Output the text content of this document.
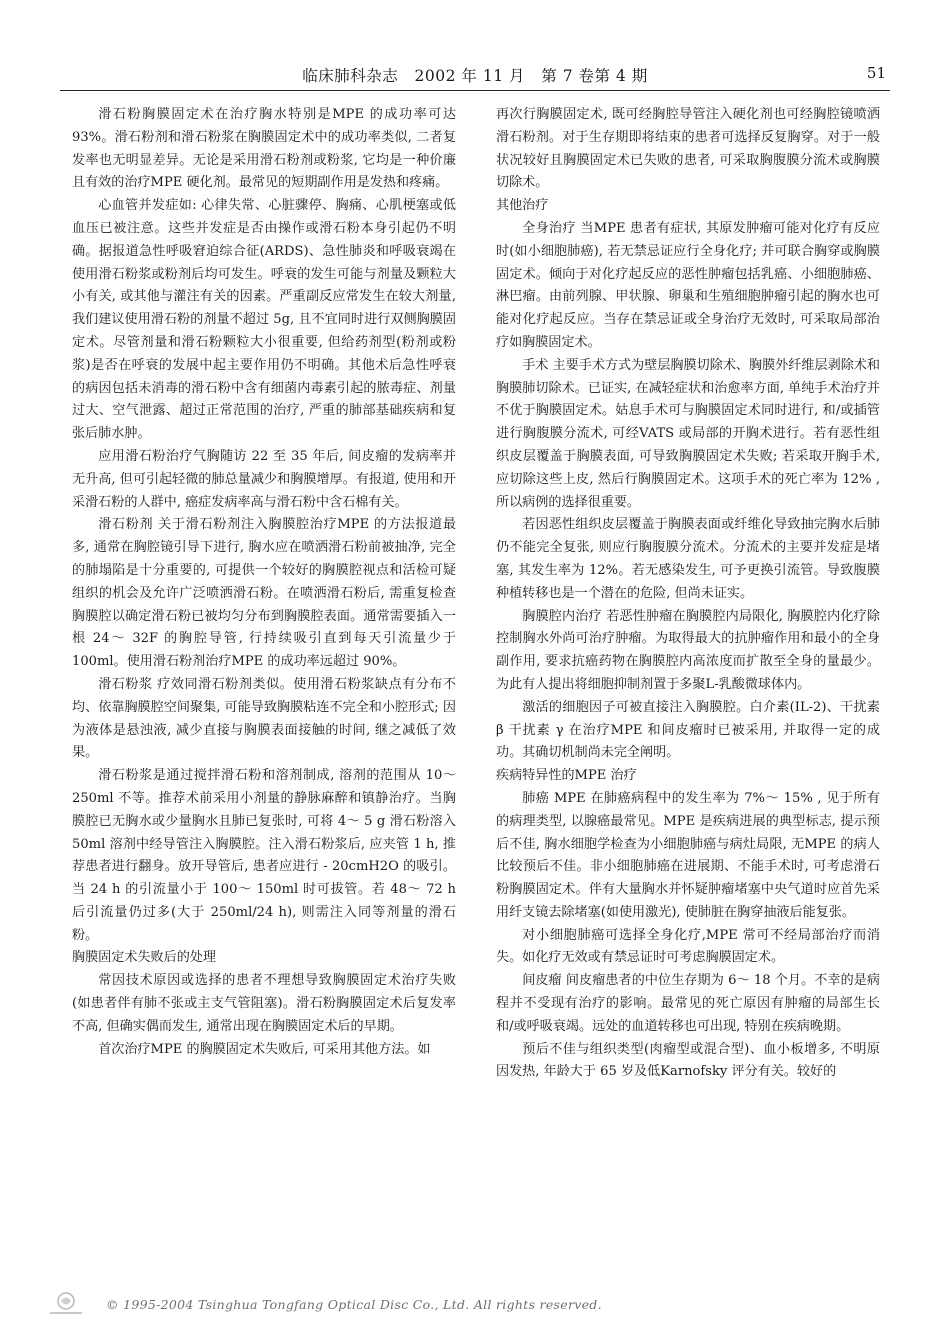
临床肺科杂志   2002 年 11 月   第 7 卷第 4 期	51

滑石粉胸膜固定术在治疗胸水特别是MPE 的成功率可达93%。滑石粉剂和滑石粉浆在胸膜固定术中的成功率类似, 二者复发率也无明显差异。无论是采用滑石粉剂或粉浆, 它均是一种价廉且有效的治疗MPE 硬化剂。最常见的短期副作用是发热和疼痛。

心血管并发症如: 心律失常、心脏骤停、胸痛、心肌梗塞或低血压已被注意。这些并发症是否由操作或滑石粉本身引起仍不明确。据报道急性呼吸窘迫综合征(ARDS)、急性肺炎和呼吸衰竭在使用滑石粉浆或粉剂后均可发生。呼衰的发生可能与剂量及颗粒大小有关, 或其他与灌注有关的因素。严重副反应常发生在较大剂量, 我们建议使用滑石粉的剂量不超过 5g, 且不宜同时进行双侧胸膜固定术。尽管剂量和滑石粉颗粒大小很重要, 但给药剂型(粉剂或粉浆)是否在呼衰的发展中起主要作用仍不明确。其他术后急性呼衰的病因包括未消毒的滑石粉中含有细菌内毒素引起的脓毒症、剂量过大、空气泄露、超过正常范围的治疗, 严重的肺部基础疾病和复张后肺水肿。

应用滑石粉治疗气胸随访 22 至 35 年后, 间皮瘤的发病率并无升高, 但可引起轻微的肺总量减少和胸膜增厚。有报道, 使用和开采滑石粉的人群中, 癌症发病率高与滑石粉中含石棉有关。

滑石粉剂 关于滑石粉剂注入胸膜腔治疗MPE 的方法报道最多, 通常在胸腔镜引导下进行, 胸水应在喷洒滑石粉前被抽净, 完全的肺塌陷是十分重要的, 可提供一个较好的胸膜腔视点和活检可疑组织的机会及允许广泛喷洒滑石粉。在喷洒滑石粉后, 需重复检查胸膜腔以确定滑石粉已被均匀分布到胸膜腔表面。通常需要插入一根 24～ 32F 的胸腔导管, 行持续吸引直到每天引流量少于 100ml。使用滑石粉剂治疗MPE 的成功率远超过 90%。

滑石粉浆 疗效同滑石粉剂类似。使用滑石粉浆缺点有分布不均、依靠胸膜腔空间聚集, 可能导致胸膜粘连不完全和小腔形式; 因为液体是悬浊液, 减少直接与胸膜表面接触的时间, 继之减低了效果。

滑石粉浆是通过搅拌滑石粉和溶剂制成, 溶剂的范围从 10～ 250ml 不等。推荐术前采用小剂量的静脉麻醉和镇静治疗。当胸膜腔已无胸水或少量胸水且肺已复张时, 可将 4～ 5 g 滑石粉溶入 50ml 溶剂中经导管注入胸膜腔。注入滑石粉浆后, 应夹管 1 h, 推荐患者进行翻身。放开导管后, 患者应进行 - 20cmH2O 的吸引。当 24 h 的引流量小于 100～ 150ml 时可拔管。若 48～ 72 h 后引流量仍过多(大于 250ml/24 h), 则需注入同等剂量的滑石粉。

胸膜固定术失败后的处理

常因技术原因或选择的患者不理想导致胸膜固定术治疗失败(如患者伴有肺不张或主支气管阻塞)。滑石粉胸膜固定术后复发率不高, 但确实偶而发生, 通常出现在胸膜固定术后的早期。

首次治疗MPE 的胸膜固定术失败后, 可采用其他方法。如

再次行胸膜固定术, 既可经胸腔导管注入硬化剂也可经胸腔镜喷洒滑石粉剂。对于生存期即将结束的患者可选择反复胸穿。对于一般状况较好且胸膜固定术已失败的患者, 可采取胸腹膜分流术或胸膜切除术。

其他治疗

全身治疗 当MPE 患者有症状, 其原发肿瘤可能对化疗有反应时(如小细胞肺癌), 若无禁忌证应行全身化疗; 并可联合胸穿或胸膜固定术。倾向于对化疗起反应的恶性肿瘤包括乳癌、小细胞肺癌、淋巴瘤。由前列腺、甲状腺、卵巢和生殖细胞肿瘤引起的胸水也可能对化疗起反应。当存在禁忌证或全身治疗无效时, 可采取局部治疗如胸膜固定术。

手术 主要手术方式为壁层胸膜切除术、胸膜外纤维层剥除术和胸膜肺切除术。已证实, 在减轻症状和治愈率方面, 单纯手术治疗并不优于胸膜固定术。姑息手术可与胸膜固定术同时进行, 和/或插管进行胸腹膜分流术, 可经VATS 或局部的开胸术进行。若有恶性组织皮层覆盖于胸膜表面, 可导致胸膜固定术失败; 若采取开胸手术, 应切除这些上皮, 然后行胸膜固定术。这项手术的死亡率为 12% , 所以病例的选择很重要。

若因恶性组织皮层覆盖于胸膜表面或纤维化导致抽完胸水后肺仍不能完全复张, 则应行胸腹膜分流术。分流术的主要并发症是堵塞, 其发生率为 12%。若无感染发生, 可予更换引流管。导致腹膜种植转移也是一个潜在的危险, 但尚未证实。

胸膜腔内治疗 若恶性肿瘤在胸膜腔内局限化, 胸膜腔内化疗除控制胸水外尚可治疗肿瘤。为取得最大的抗肿瘤作用和最小的全身副作用, 要求抗癌药物在胸膜腔内高浓度而扩散至全身的量最少。为此有人提出将细胞抑制剂置于多聚L-乳酸微球体内。

激活的细胞因子可被直接注入胸膜腔。白介素(IL-2)、干扰素 β 干扰素 γ 在治疗MPE 和间皮瘤时已被采用, 并取得一定的成功。其确切机制尚未完全阐明。

疾病特异性的MPE 治疗

肺癌 MPE 在肺癌病程中的发生率为 7%～ 15% , 见于所有的病理类型, 以腺癌最常见。MPE 是疾病进展的典型标志, 提示预后不佳, 胸水细胞学检查为小细胞肺癌与病灶局限, 无MPE 的病人比较预后不佳。非小细胞肺癌在进展期、不能手术时, 可考虑滑石粉胸膜固定术。伴有大量胸水并怀疑肿瘤堵塞中央气道时应首先采用纤支镜去除堵塞(如使用激光), 使肺脏在胸穿抽液后能复张。

对小细胞肺癌可选择全身化疗,MPE 常可不经局部治疗而消失。如化疗无效或有禁忌证时可考虑胸膜固定术。

间皮瘤 间皮瘤患者的中位生存期为 6～ 18 个月。不幸的是病程并不受现有治疗的影响。最常见的死亡原因有肿瘤的局部生长和/或呼吸衰竭。远处的血道转移也可出现, 特别在疾病晚期。

预后不佳与组织类型(肉瘤型或混合型)、血小板增多, 不明原因发热, 年龄大于 65 岁及低Karnofsky 评分有关。较好的

© 1995-2004 Tsinghua Tongfang Optical Disc Co., Ltd. All rights reserved.
